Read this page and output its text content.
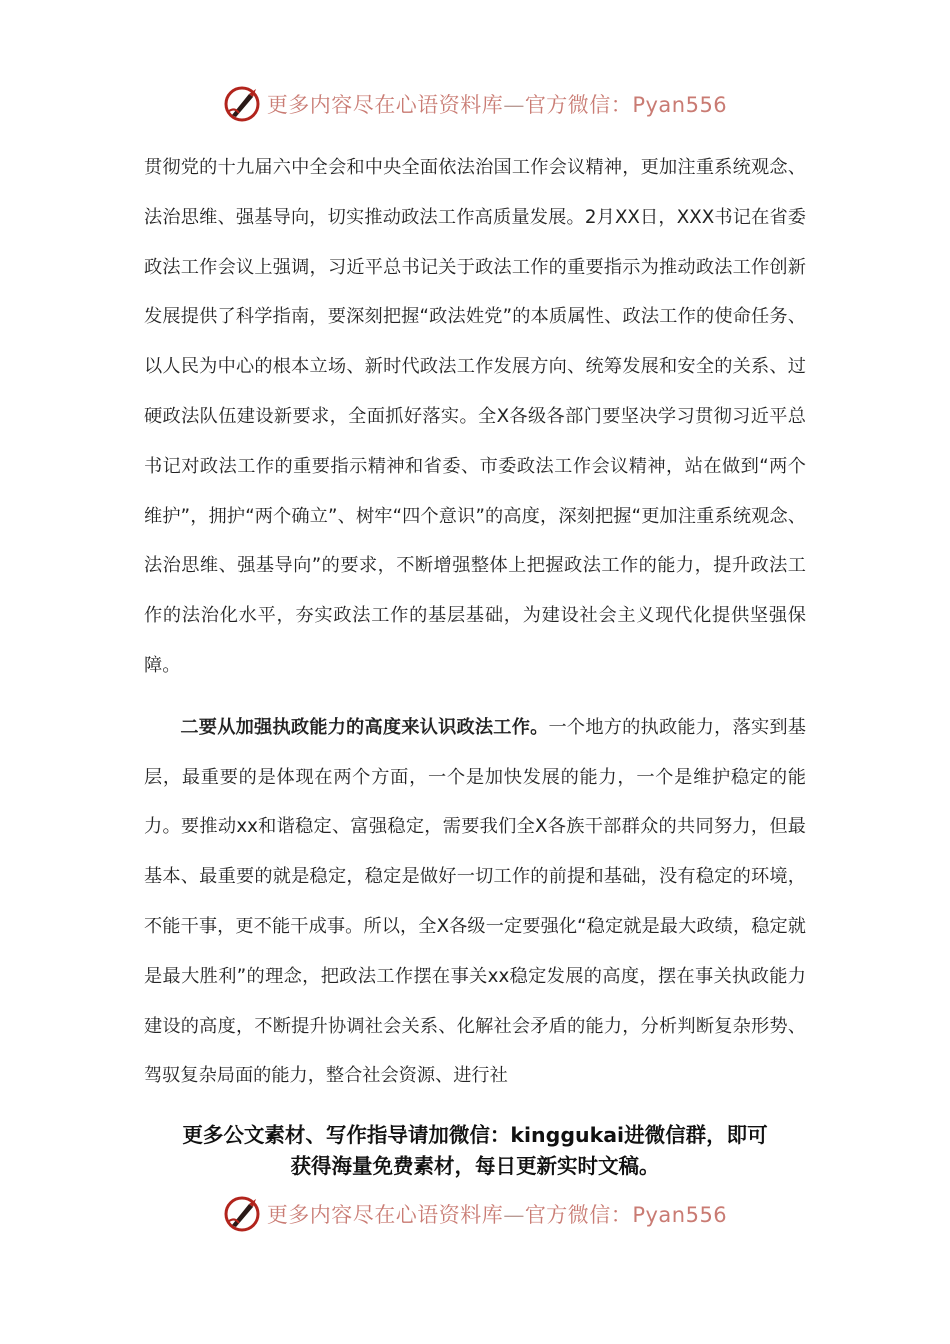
更多内容尽在心语资料库—官方微信：Pyan556

贯彻党的十九届六中全会和中央全面依法治国工作会议精神，更加注重系统观念、法治思维、强基导向，切实推动政法工作高质量发展。2月XX日，XXX书记在省委政法工作会议上强调，习近平总书记关于政法工作的重要指示为推动政法工作创新发展提供了科学指南，要深刻把握“政法姓党”的本质属性、政法工作的使命任务、以人民为中心的根本立场、新时代政法工作发展方向、统筹发展和安全的关系、过硬政法队伍建设新要求，全面抓好落实。全X各级各部门要坚决学习贯彻习近平总书记对政法工作的重要指示精神和省委、市委政法工作会议精神，站在做到“两个维护”，拥护“两个确立”、树牢“四个意识”的高度，深刻把握“更加注重系统观念、法治思维、强基导向”的要求，不断增强整体上把握政法工作的能力，提升政法工作的法治化水平，夯实政法工作的基层基础，为建设社会主义现代化提供坚强保障。

二要从加强执政能力的高度来认识政法工作。一个地方的执政能力，落实到基层，最重要的是体现在两个方面，一个是加快发展的能力，一个是维护稳定的能力。要推动xx和谐稳定、富强稳定，需要我们全X各族干部群众的共同努力，但最基本、最重要的就是稳定，稳定是做好一切工作的前提和基础，没有稳定的环境，不能干事，更不能干成事。所以，全X各级一定要强化“稳定就是最大政绩，稳定就是最大胜利”的理念，把政法工作摆在事关xx稳定发展的高度，摆在事关执政能力建设的高度，不断提升协调社会关系、化解社会矛盾的能力，分析判断复杂形势、驾驭复杂局面的能力，整合社会资源、进行社

更多公文素材、写作指导请加微信：kinggukai进微信群，即可
获得海量免费素材，每日更新实时文稿。
更多内容尽在心语资料库—官方微信：Pyan556
